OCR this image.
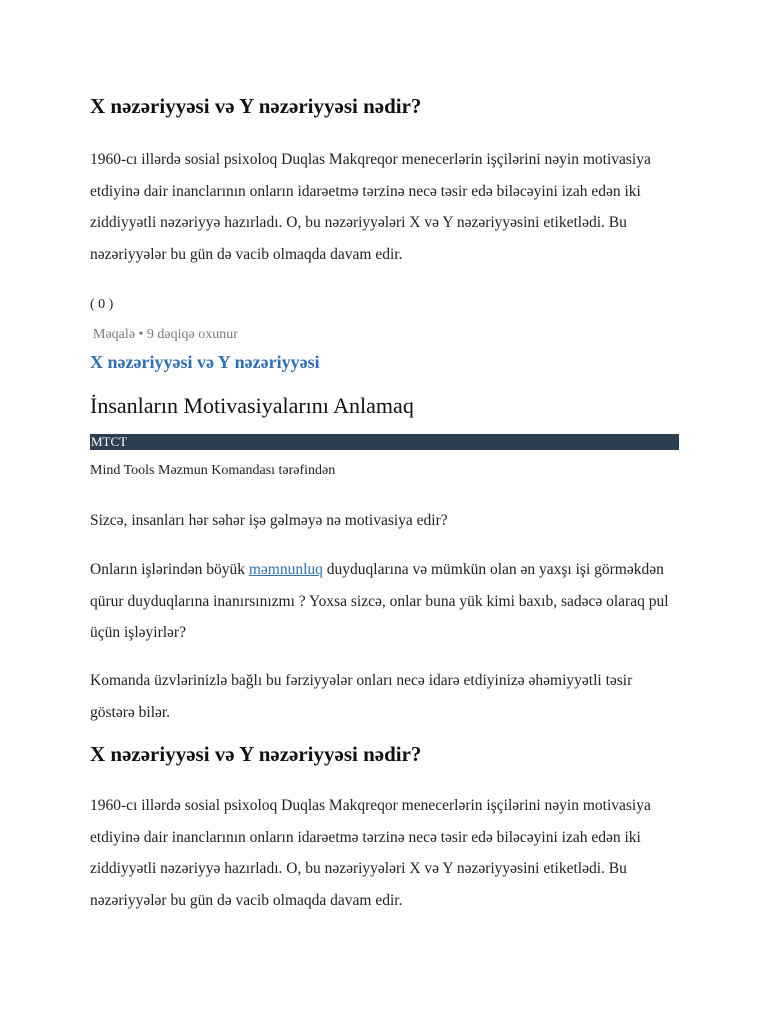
X nəzəriyyəsi və Y nəzəriyyəsi nədir?

1960-cı illərdə sosial psixoloq Duqlas Makqreqor menecerlərin işçilərini nəyin motivasiya etdiyinə dair inanclarının onların idarəetmə tərzinə necə təsir edə biləcəyini izah edən iki ziddiyyətli nəzəriyyə hazırladı. O, bu nəzəriyyələri X və Y nəzəriyyəsini etiketlədi. Bu nəzəriyyələr bu gün də vacib olmaqda davam edir.

( 0 )
Məqalə • 9 dəqiqə oxunur
X nəzəriyyəsi və Y nəzəriyyəsi
İnsanların Motivasiyalarını Anlamaq
MTCT
Mind Tools Məzmun Komandası tərəfindən

Sizcə, insanları hər səhər işə gəlməyə nə motivasiya edir?

Onların işlərindən böyük məmnunluq duyduqlarına və mümkün olan ən yaxşı işi görməkdən qürur duyduqlarına inanırsınızmı ? Yoxsa sizcə, onlar buna yük kimi baxıb, sadəcə olaraq pul üçün işləyirlər?

Komanda üzvlərinizlə bağlı bu fərziyyələr onları necə idarə etdiyinizə əhəmiyyətli təsir göstərə bilər.

X nəzəriyyəsi və Y nəzəriyyəsi nədir?

1960-cı illərdə sosial psixoloq Duqlas Makqreqor menecerlərin işçilərini nəyin motivasiya etdiyinə dair inanclarının onların idarəetmə tərzinə necə təsir edə biləcəyini izah edən iki ziddiyyətli nəzəriyyə hazırladı. O, bu nəzəriyyələri X və Y nəzəriyyəsini etiketlədi. Bu nəzəriyyələr bu gün də vacib olmaqda davam edir.
